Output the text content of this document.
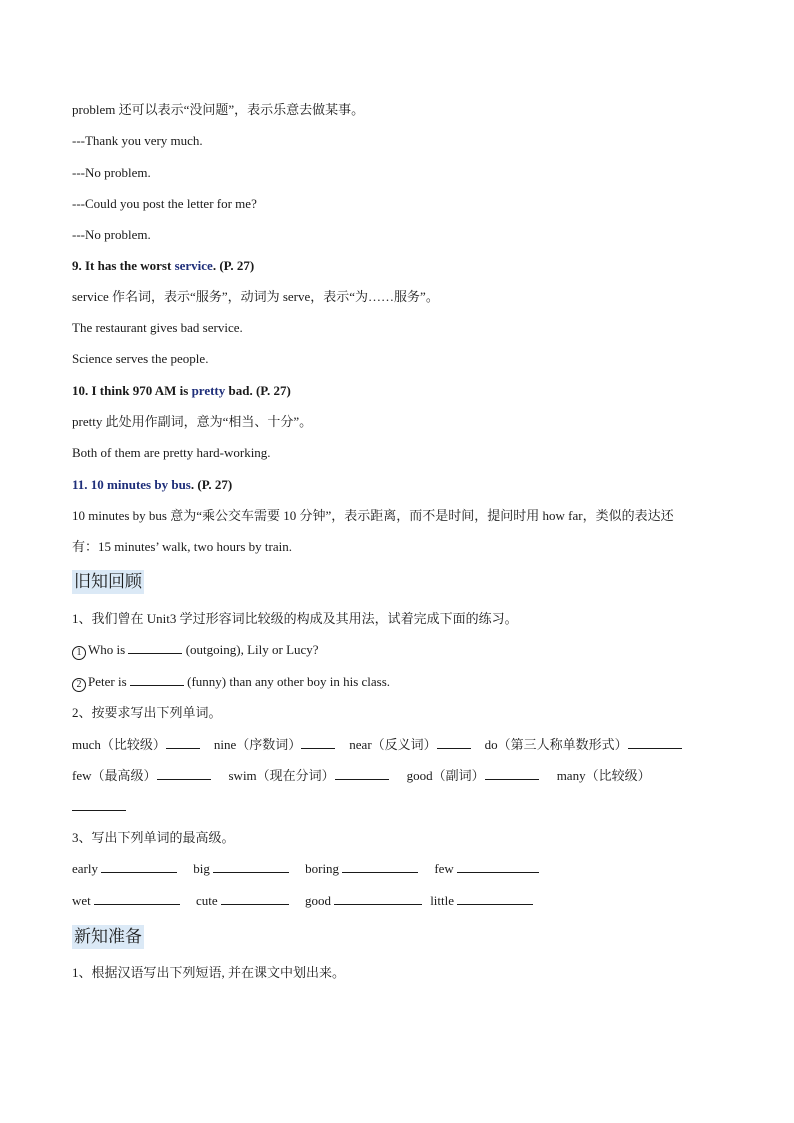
problem 还可以表示“没问题”，表示乐意去做某事。
---Thank you very much.
---No problem.
---Could you post the letter for me?
---No problem.
9. It has the worst service. (P. 27)
service 作名词，表示“服务”，动词为 serve，表示“为……服务”。
The restaurant gives bad service.
Science serves the people.
10. I think 970 AM is pretty bad. (P. 27)
pretty 此处用作副词，意为“相当、十分”。
Both of them are pretty hard-working.
11. 10 minutes by bus. (P. 27)
10 minutes by bus 意为“乘公交车需要 10 分钟”，表示距离，而不是时间，提问时用 how far，类似的表达还
有：15 minutes’ walk, two hours by train.
旧知回顾
1、我们曾在 Unit3 学过形容词比较级的构成及其用法，试着完成下面的练习。
1 Who is	(outgoing), Lily or Lucy?
2 Peter is	(funny) than any other boy in his class.
2、按要求写出下列单词。
much（比较级）	nine（序数词）	near（反义词）	do（第三人称单数形式）
few（最高级）	swim（现在分词）	good（副词）	many（比较级）
3、写出下列单词的最高级。
early	big	boring	few
wet	cute	good	little
新知准备
1、根据汉语写出下列短语, 并在课文中划出来。
